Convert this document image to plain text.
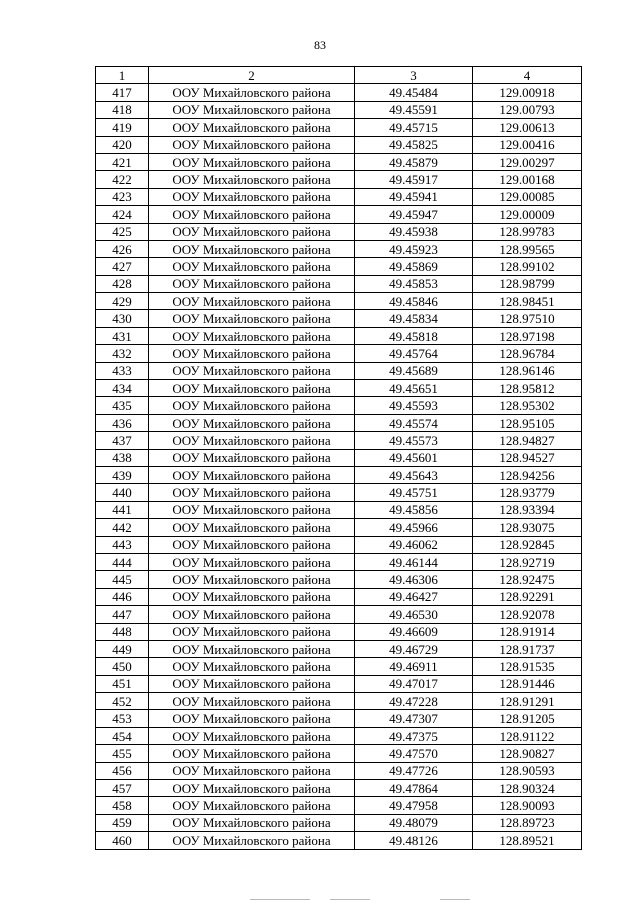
83
1	2	3	4
417	ООУ Михайловского района	49.45484	129.00918
418	ООУ Михайловского района	49.45591	129.00793
419	ООУ Михайловского района	49.45715	129.00613
420	ООУ Михайловского района	49.45825	129.00416
421	ООУ Михайловского района	49.45879	129.00297
422	ООУ Михайловского района	49.45917	129.00168
423	ООУ Михайловского района	49.45941	129.00085
424	ООУ Михайловского района	49.45947	129.00009
425	ООУ Михайловского района	49.45938	128.99783
426	ООУ Михайловского района	49.45923	128.99565
427	ООУ Михайловского района	49.45869	128.99102
428	ООУ Михайловского района	49.45853	128.98799
429	ООУ Михайловского района	49.45846	128.98451
430	ООУ Михайловского района	49.45834	128.97510
431	ООУ Михайловского района	49.45818	128.97198
432	ООУ Михайловского района	49.45764	128.96784
433	ООУ Михайловского района	49.45689	128.96146
434	ООУ Михайловского района	49.45651	128.95812
435	ООУ Михайловского района	49.45593	128.95302
436	ООУ Михайловского района	49.45574	128.95105
437	ООУ Михайловского района	49.45573	128.94827
438	ООУ Михайловского района	49.45601	128.94527
439	ООУ Михайловского района	49.45643	128.94256
440	ООУ Михайловского района	49.45751	128.93779
441	ООУ Михайловского района	49.45856	128.93394
442	ООУ Михайловского района	49.45966	128.93075
443	ООУ Михайловского района	49.46062	128.92845
444	ООУ Михайловского района	49.46144	128.92719
445	ООУ Михайловского района	49.46306	128.92475
446	ООУ Михайловского района	49.46427	128.92291
447	ООУ Михайловского района	49.46530	128.92078
448	ООУ Михайловского района	49.46609	128.91914
449	ООУ Михайловского района	49.46729	128.91737
450	ООУ Михайловского района	49.46911	128.91535
451	ООУ Михайловского района	49.47017	128.91446
452	ООУ Михайловского района	49.47228	128.91291
453	ООУ Михайловского района	49.47307	128.91205
454	ООУ Михайловского района	49.47375	128.91122
455	ООУ Михайловского района	49.47570	128.90827
456	ООУ Михайловского района	49.47726	128.90593
457	ООУ Михайловского района	49.47864	128.90324
458	ООУ Михайловского района	49.47958	128.90093
459	ООУ Михайловского района	49.48079	128.89723
460	ООУ Михайловского района	49.48126	128.89521
